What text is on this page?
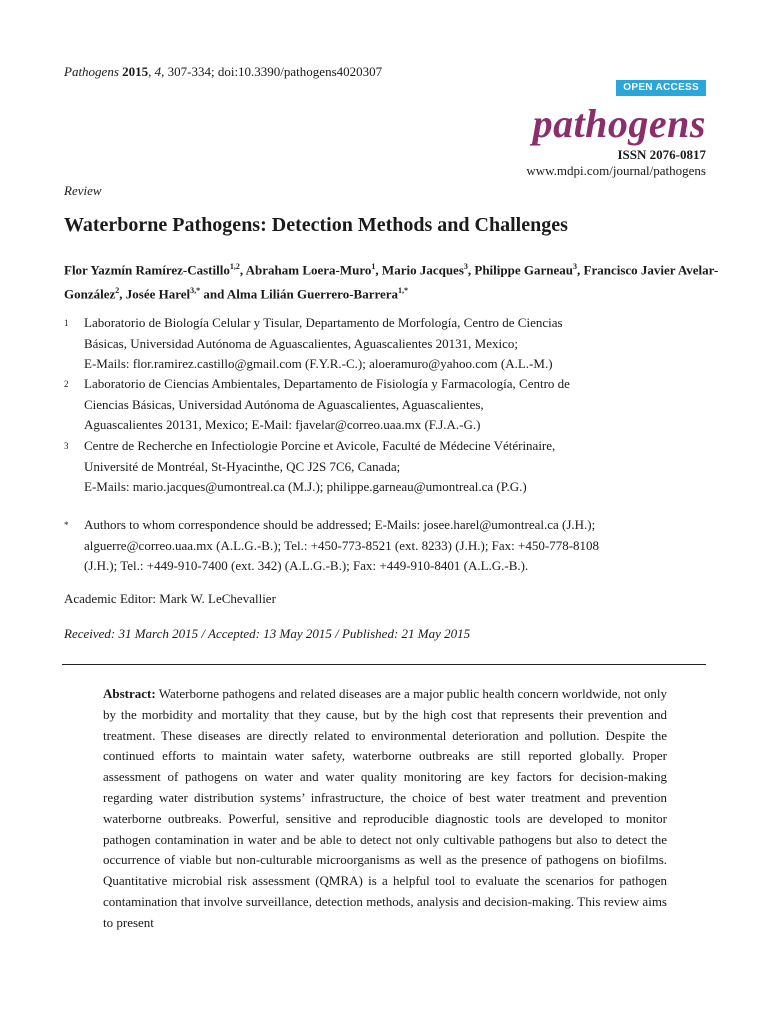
Pathogens 2015, 4, 307-334; doi:10.3390/pathogens4020307
OPEN ACCESS
pathogens
ISSN 2076-0817
www.mdpi.com/journal/pathogens
Review
Waterborne Pathogens: Detection Methods and Challenges
Flor Yazmín Ramírez-Castillo$^{1,2}$, Abraham Loera-Muro$^1$, Mario Jacques$^3$, Philippe Garneau$^3$, Francisco Javier Avelar-González$^2$, Josée Harel$^{3,*}$ and Alma Lilián Guerrero-Barrera$^{1,*}$
1 Laboratorio de Biología Celular y Tisular, Departamento de Morfología, Centro de Ciencias
Básicas, Universidad Autónoma de Aguascalientes, Aguascalientes 20131, Mexico;
E-Mails: flor.ramirez.castillo@gmail.com (F.Y.R.-C.); aloeramuro@yahoo.com (A.L.-M.)
2 Laboratorio de Ciencias Ambientales, Departamento de Fisiología y Farmacología, Centro de
Ciencias Básicas, Universidad Autónoma de Aguascalientes, Aguascalientes,
Aguascalientes 20131, Mexico; E-Mail: fjavelar@correo.uaa.mx (F.J.A.-G.)
3 Centre de Recherche en Infectiologie Porcine et Avicole, Faculté de Médecine Vétérinaire,
Université de Montréal, St-Hyacinthe, QC J2S 7C6, Canada;
E-Mails: mario.jacques@umontreal.ca (M.J.); philippe.garneau@umontreal.ca (P.G.)
* Authors to whom correspondence should be addressed; E-Mails: josee.harel@umontreal.ca (J.H.);
alguerre@correo.uaa.mx (A.L.G.-B.); Tel.: +450-773-8521 (ext. 8233) (J.H.); Fax: +450-778-8108
(J.H.); Tel.: +449-910-7400 (ext. 342) (A.L.G.-B.); Fax: +449-910-8401 (A.L.G.-B.).
Academic Editor: Mark W. LeChevallier
Received: 31 March 2015 / Accepted: 13 May 2015 / Published: 21 May 2015
Abstract: Waterborne pathogens and related diseases are a major public health concern worldwide, not only by the morbidity and mortality that they cause, but by the high cost that represents their prevention and treatment. These diseases are directly related to environmental deterioration and pollution. Despite the continued efforts to maintain water safety, waterborne outbreaks are still reported globally. Proper assessment of pathogens on water and water quality monitoring are key factors for decision-making regarding water distribution systems’ infrastructure, the choice of best water treatment and prevention waterborne outbreaks. Powerful, sensitive and reproducible diagnostic tools are developed to monitor pathogen contamination in water and be able to detect not only cultivable pathogens but also to detect the occurrence of viable but non-culturable microorganisms as well as the presence of pathogens on biofilms. Quantitative microbial risk assessment (QMRA) is a helpful tool to evaluate the scenarios for pathogen contamination that involve surveillance, detection methods, analysis and decision-making. This review aims to present
